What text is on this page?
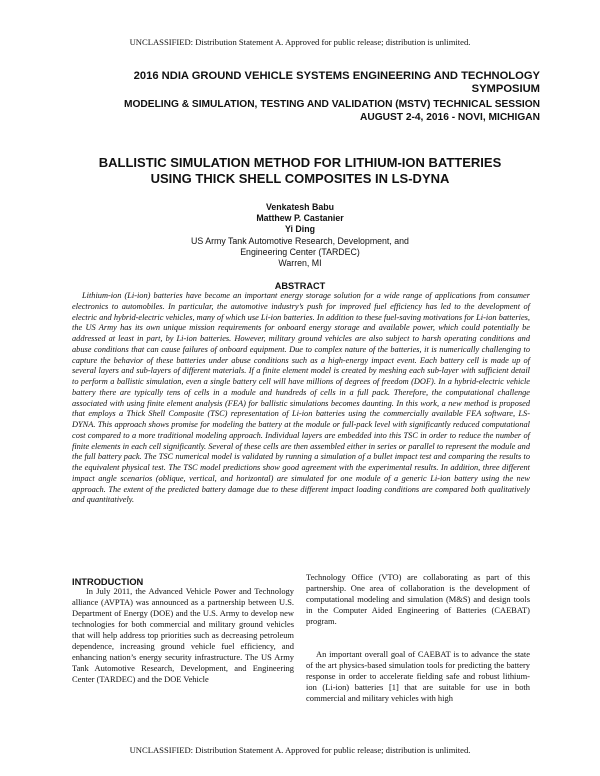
UNCLASSIFIED: Distribution Statement A. Approved for public release; distribution is unlimited.
2016 NDIA GROUND VEHICLE SYSTEMS ENGINEERING AND TECHNOLOGY
SYMPOSIUM
MODELING & SIMULATION, TESTING AND VALIDATION (MSTV) TECHNICAL SESSION
AUGUST 2-4, 2016 - NOVI, MICHIGAN
BALLISTIC SIMULATION METHOD FOR LITHIUM-ION BATTERIES
USING THICK SHELL COMPOSITES IN LS-DYNA
Venkatesh Babu
Matthew P. Castanier
Yi Ding
US Army Tank Automotive Research, Development, and
Engineering Center (TARDEC)
Warren, MI
ABSTRACT

Lithium-ion (Li-ion) batteries have become an important energy storage solution for a wide range of applications from consumer electronics to automobiles. In particular, the automotive industry’s push for improved fuel efficiency has led to the development of electric and hybrid-electric vehicles, many of which use Li-ion batteries. In addition to these fuel-saving motivations for Li-ion batteries, the US Army has its own unique mission requirements for onboard energy storage and available power, which could potentially be addressed at least in part, by Li-ion batteries. However, military ground vehicles are also subject to harsh operating conditions and abuse conditions that can cause failures of onboard equipment. Due to complex nature of the batteries, it is numerically challenging to capture the behavior of these batteries under abuse conditions such as a high-energy impact event. Each battery cell is made up of several layers and sub-layers of different materials. If a finite element model is created by meshing each sub-layer with sufficient detail to perform a ballistic simulation, even a single battery cell will have millions of degrees of freedom (DOF). In a hybrid-electric vehicle battery there are typically tens of cells in a module and hundreds of cells in a full pack. Therefore, the computational challenge associated with using finite element analysis (FEA) for ballistic simulations becomes daunting. In this work, a new method is proposed that employs a Thick Shell Composite (TSC) representation of Li-ion batteries using the commercially available FEA software, LS-DYNA. This approach shows promise for modeling the battery at the module or full-pack level with significantly reduced computational cost compared to a more traditional modeling approach. Individual layers are embedded into this TSC in order to reduce the number of finite elements in each cell significantly. Several of these cells are then assembled either in series or parallel to represent the module and the full battery pack. The TSC numerical model is validated by running a simulation of a bullet impact test and comparing the results to the equivalent physical test. The TSC model predictions show good agreement with the experimental results. In addition, three different impact angle scenarios (oblique, vertical, and horizontal) are simulated for one module of a generic Li-ion battery using the new approach. The extent of the predicted battery damage due to these different impact loading conditions are compared both qualitatively and quantitatively.

INTRODUCTION

In July 2011, the Advanced Vehicle Power and Technology alliance (AVPTA) was announced as a partnership between U.S. Department of Energy (DOE) and the U.S. Army to develop new technologies for both commercial and military ground vehicles that will help address top priorities such as decreasing petroleum dependence, increasing ground vehicle fuel efficiency, and enhancing nation’s energy security infrastructure. The US Army Tank Automotive Research, Development, and Engineering Center (TARDEC) and the DOE Vehicle

Technology Office (VTO) are collaborating as part of this partnership. One area of collaboration is the development of computational modeling and simulation (M&S) and design tools in the Computer Aided Engineering of Batteries (CAEBAT) program.

An important overall goal of CAEBAT is to advance the state of the art physics-based simulation tools for predicting the battery response in order to accelerate fielding safe and robust lithium-ion (Li-ion) batteries [1] that are suitable for use in both commercial and military vehicles with high

UNCLASSIFIED: Distribution Statement A. Approved for public release; distribution is unlimited.
